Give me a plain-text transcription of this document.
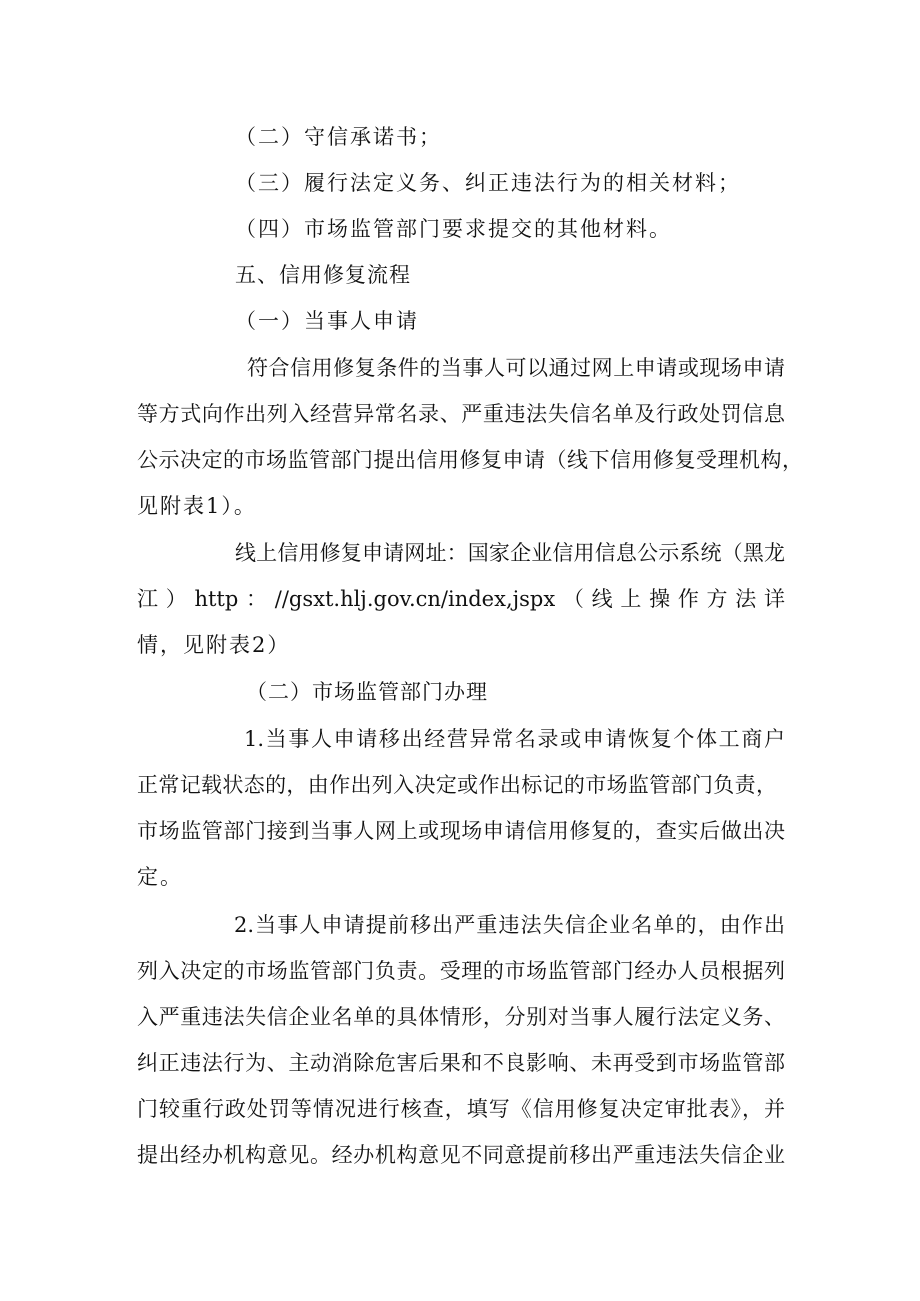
（二）守信承诺书；

（三）履行法定义务、纠正违法行为的相关材料；

（四）市场监管部门要求提交的其他材料。

五、信用修复流程

（一）当事人申请

符合信用修复条件的当事人可以通过网上申请或现场申请

等方式向作出列入经营异常名录、严重违法失信名单及行政处罚信息

公示决定的市场监管部门提出信用修复申请（线下信用修复受理机构，

见附表1）。

线上信用修复申请网址：国家企业信用信息公示系统（黑龙

江）http：//gsxt.hlj.gov.cn/index,jspx（线上操作方法详

情，见附表2）

（二）市场监管部门办理

1.当事人申请移出经营异常名录或申请恢复个体工商户

正常记载状态的，由作出列入决定或作出标记的市场监管部门负责，

市场监管部门接到当事人网上或现场申请信用修复的，查实后做出决

定。

2.当事人申请提前移出严重违法失信企业名单的，由作出

列入决定的市场监管部门负责。受理的市场监管部门经办人员根据列

入严重违法失信企业名单的具体情形，分别对当事人履行法定义务、

纠正违法行为、主动消除危害后果和不良影响、未再受到市场监管部

门较重行政处罚等情况进行核查，填写《信用修复决定审批表》，并

提出经办机构意见。经办机构意见不同意提前移出严重违法失信企业
